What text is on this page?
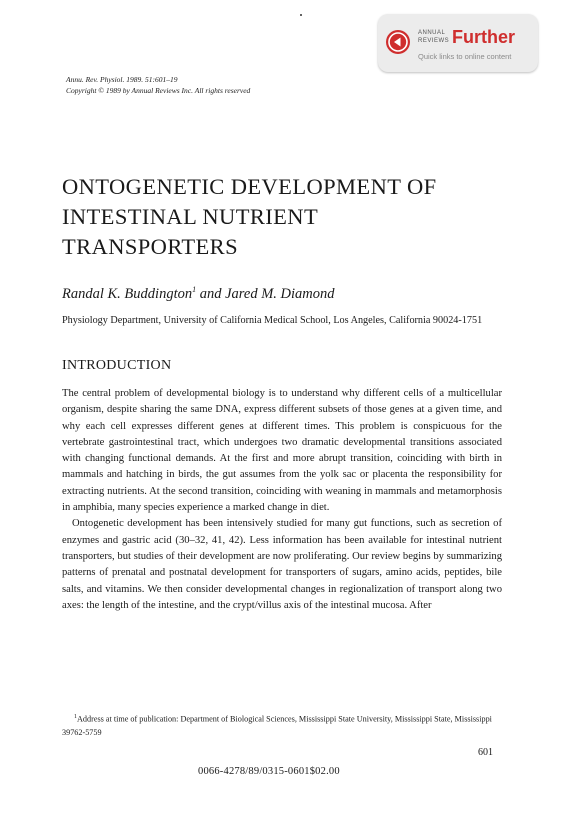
ANNUAL
REVIEWS Further
Quick links to online content
Annu. Rev. Physiol. 1989. 51:601–19
Copyright © 1989 by Annual Reviews Inc. All rights reserved
ONTOGENETIC DEVELOPMENT OF
INTESTINAL NUTRIENT
TRANSPORTERS
Randal K. Buddington$^1$ and Jared M. Diamond
Physiology Department, University of California Medical School, Los Angeles, California 90024-1751
INTRODUCTION

The central problem of developmental biology is to understand why different cells of a multicellular organism, despite sharing the same DNA, express different subsets of those genes at a given time, and why each cell expresses different genes at different times. This problem is conspicuous for the vertebrate gastrointestinal tract, which undergoes two dramatic developmental transitions associated with changing functional demands. At the first and more abrupt transition, coinciding with birth in mammals and hatching in birds, the gut assumes from the yolk sac or placenta the responsibility for extracting nutrients. At the second transition, coinciding with weaning in mammals and metamorphosis in amphibia, many species experience a marked change in diet.

Ontogenetic development has been intensively studied for many gut functions, such as secretion of enzymes and gastric acid (30–32, 41, 42). Less information has been available for intestinal nutrient transporters, but studies of their development are now proliferating. Our review begins by summarizing patterns of prenatal and postnatal development for transporters of sugars, amino acids, peptides, bile salts, and vitamins. We then consider developmental changes in regionalization of transport along two axes: the length of the intestine, and the crypt/villus axis of the intestinal mucosa. After

$^1$Address at time of publication: Department of Biological Sciences, Mississippi State University, Mississippi State, Mississippi 39762-5759
601
0066-4278/89/0315-0601$02.00
